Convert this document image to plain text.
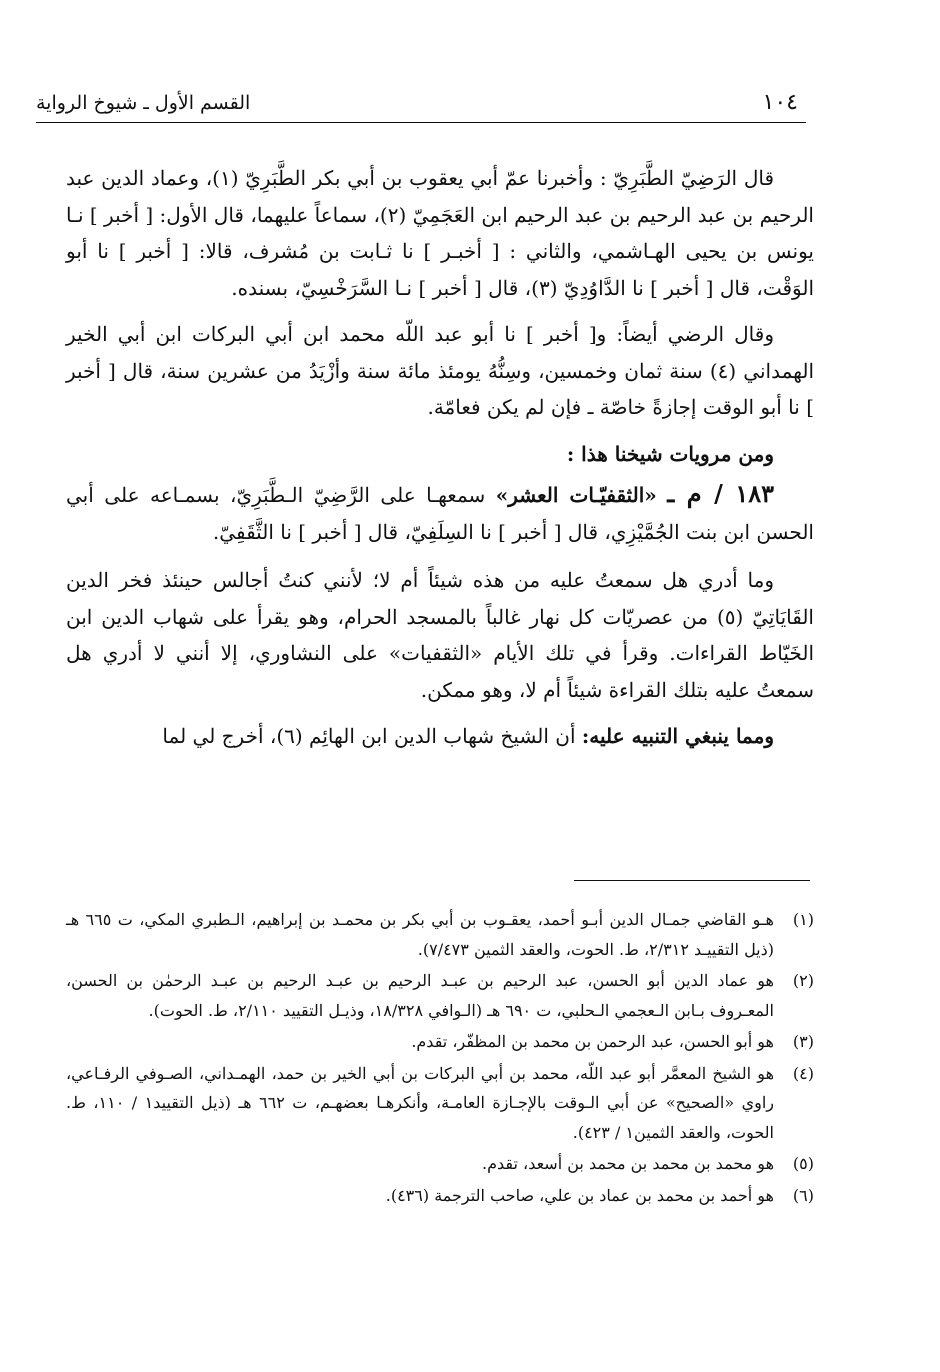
١٠٤
القسم الأول ـ شيوخ الرواية

قال الرَضِيّ الطَّبَرِيّ : وأخبرنا عمّ أبي يعقوب بن أبي بكر الطَّبَرِيّ (١)، وعماد الدين عبد الرحيم بن عبد الرحيم بن عبد الرحيم ابن العَجَمِيّ (٢)، سماعاً عليهما، قال الأول: [ أخبر ] نـا يونس بن يحيى الهـاشمي، والثاني : [ أخبـر ] نا ثـابت بن مُشرف، قالا: [ أخبر ] نا أبو الوَقْت، قال [ أخبر ] نا الدَّاوُدِيّ (٣)، قال [ أخبر ] نـا السَّرَخْسِيّ، بسنده.

وقال الرضي أيضاً: و[ أخبر ] نا أبو عبد اللّه محمد ابن أبي البركات ابن أبي الخير الهمداني (٤) سنة ثمان وخمسين، وسِنُّهُ يومئذ مائة سنة وأزْيَدُ من عشرين سنة، قال [ أخبر ] نا أبو الوقت إجازةً خاصّة ـ فإن لم يكن فعامّة.

ومن مرويات شيخنا هذا :

١٨٣ / م ـ «الثقفيّـات العشر» سمعهـا على الرَّضِيّ الـطَّبَرِيّ، بسمـاعه على أبي الحسن ابن بنت الجُمَّيْزِي، قال [ أخبر ] نا السِلَفِيّ، قال [ أخبر ] نا الثَّقَفِيّ.

وما أدري هل سمعتُ عليه من هذه شيئاً أم لا؛ لأنني كنتُ أجالس حينئذ فخر الدين القَايَاتِيّ (٥) من عصريّات كل نهار غالباً بالمسجد الحرام، وهو يقرأ على شهاب الدين ابن الخَيّاط القراءات. وقرأ في تلك الأيام «الثقفيات» على النشاوري، إلا أنني لا أدري هل سمعتُ عليه بتلك القراءة شيئاً أم لا، وهو ممكن.

ومما ينبغي التنبيه عليه: أن الشيخ شهاب الدين ابن الهائِم (٦)، أخرج لي لما

(١)
هـو القاضي جمـال الدين أبـو أحمد، يعقـوب بن أبي بكر بن محمـد بن إبراهيم، الـطبري المكي، ت ٦٦٥ هـ (ذيل التقييـد ٢/٣١٢، ط. الحوت، والعقد الثمين ٧/٤٧٣).
(٢)
هو عماد الدين أبو الحسن، عبد الرحيم بن عبـد الرحيم بن عبـد الرحيم بن عبـد الرحمٰن بن الحسن، المعـروف بـابن الـعجمي الـحلبي، ت ٦٩٠ هـ (الـوافي ١٨/٣٢٨، وذيـل التقييد ٢/١١٠، ط. الحوت).
(٣)
هو أبو الحسن، عبد الرحمن بن محمد بن المظفّر، تقدم.
(٤)
هو الشيخ المعمَّر أبو عبد اللّه، محمد بن أبي البركات بن أبي الخير بن حمد، الهمـداني، الصـوفي الرفـاعي، راوي «الصحيح» عن أبي الـوقت بالإجـازة العامـة، وأنكرهـا بعضهـم، ت ٦٦٢ هـ (ذيل التقييد١ / ١١٠، ط. الحوت، والعقد الثمين١ / ٤٢٣).
(٥)
هو محمد بن محمد بن محمد بن أسعد، تقدم.
(٦)
هو أحمد بن محمد بن عماد بن علي، صاحب الترجمة (٤٣٦).
